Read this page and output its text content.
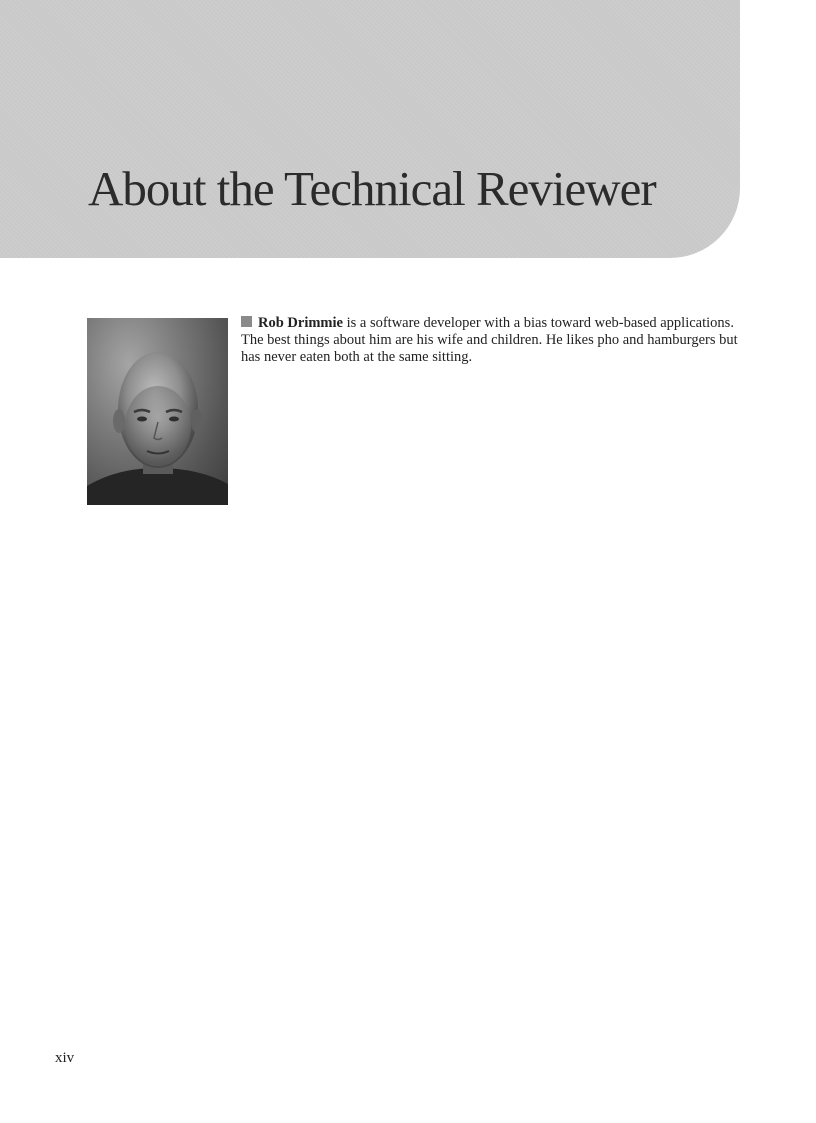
About the Technical Reviewer

Rob Drimmie is a software developer with a bias toward web-based applications. The best things about him are his wife and children. He likes pho and hamburgers but has never eaten both at the same sitting.

xiv
